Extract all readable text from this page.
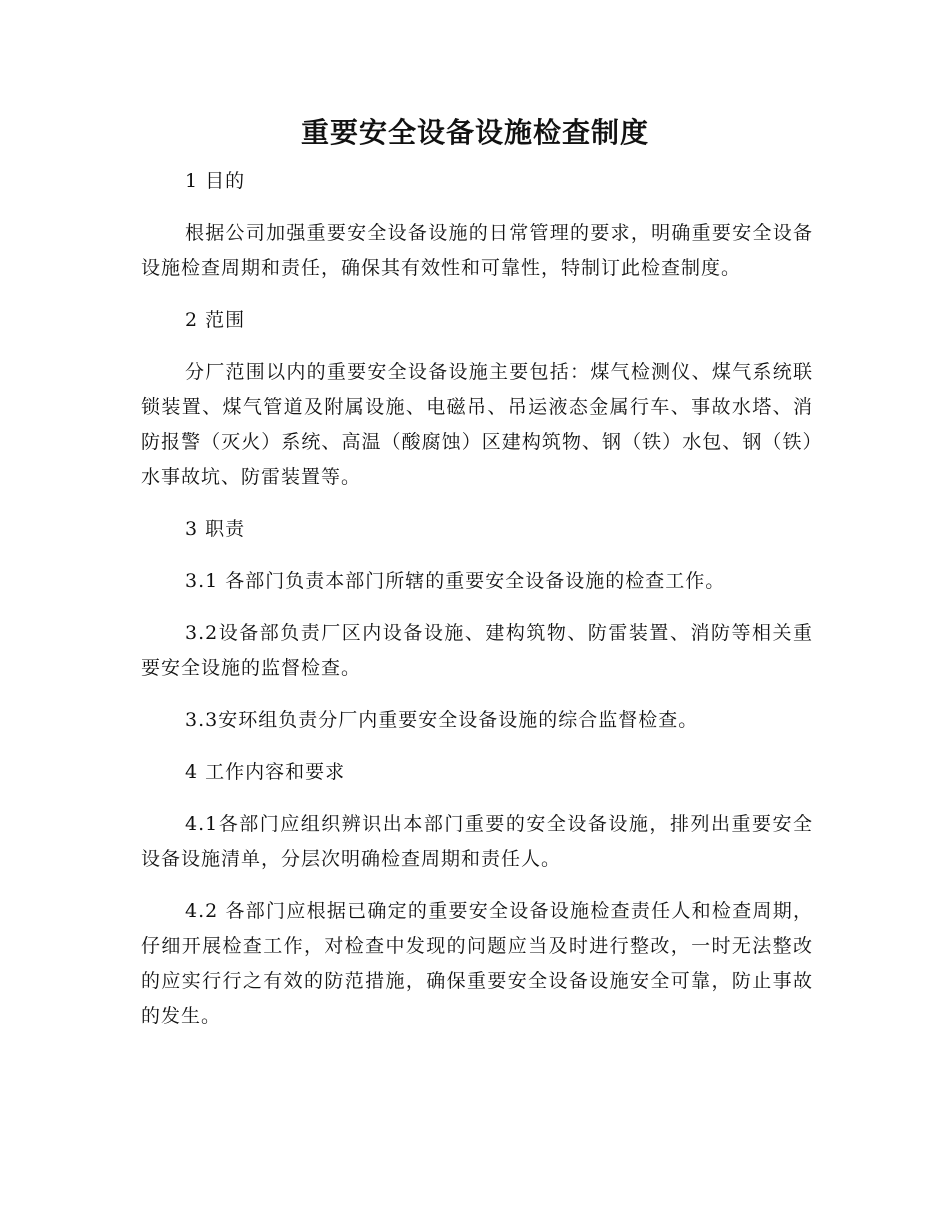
重要安全设备设施检查制度

1 目的

根据公司加强重要安全设备设施的日常管理的要求，明确重要安全设备设施检查周期和责任，确保其有效性和可靠性，特制订此检查制度。

2 范围

分厂范围以内的重要安全设备设施主要包括：煤气检测仪、煤气系统联锁装置、煤气管道及附属设施、电磁吊、吊运液态金属行车、事故水塔、消防报警（灭火）系统、高温（酸腐蚀）区建构筑物、钢（铁）水包、钢（铁）水事故坑、防雷装置等。

3 职责

3.1 各部门负责本部门所辖的重要安全设备设施的检查工作。

3.2设备部负责厂区内设备设施、建构筑物、防雷装置、消防等相关重要安全设施的监督检查。

3.3安环组负责分厂内重要安全设备设施的综合监督检查。

4 工作内容和要求

4.1各部门应组织辨识出本部门重要的安全设备设施，排列出重要安全设备设施清单，分层次明确检查周期和责任人。

4.2 各部门应根据已确定的重要安全设备设施检查责任人和检查周期，仔细开展检查工作，对检查中发现的问题应当及时进行整改，一时无法整改的应实行行之有效的防范措施，确保重要安全设备设施安全可靠，防止事故的发生。
